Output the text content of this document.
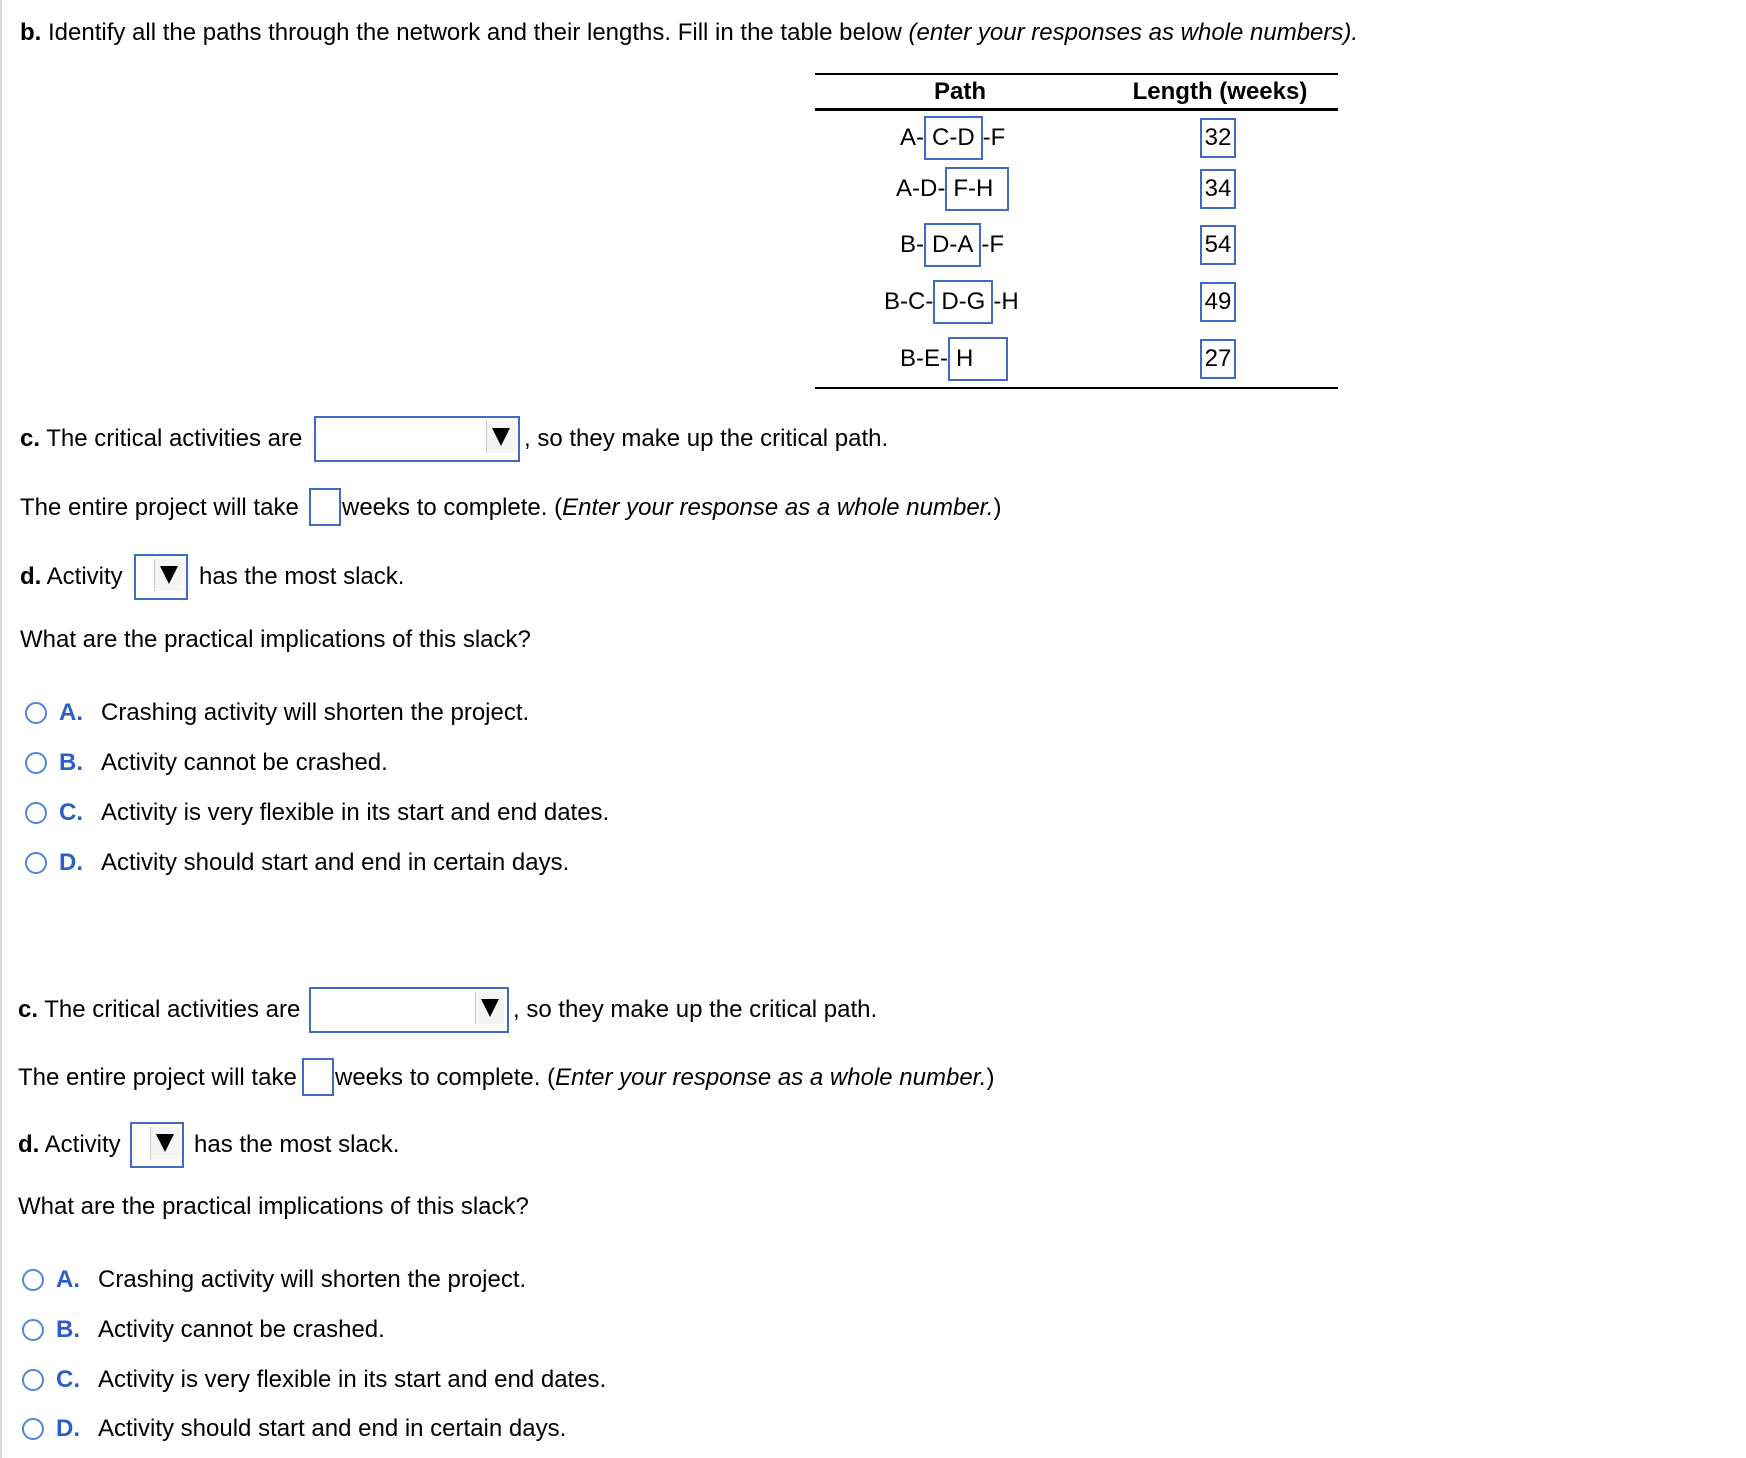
b. Identify all the paths through the network and their lengths. Fill in the table below (enter your responses as whole numbers).
Path	Length (weeks)
A- C-D -F	32
A-D- F-H	34
B- D-A -F	54
B-C- D-G -H	49
B-E- H	27
c. The critical activities are	, so they make up the critical path.
The entire project will take weeks to complete. (Enter your response as a whole number.)
d. Activity	has the most slack.
What are the practical implications of this slack?
A. Crashing activity will shorten the project.
B. Activity cannot be crashed.
C. Activity is very flexible in its start and end dates.
D. Activity should start and end in certain days.
c. The critical activities are	, so they make up the critical path.
The entire project will take weeks to complete. (Enter your response as a whole number.)
d. Activity	has the most slack.
What are the practical implications of this slack?
A. Crashing activity will shorten the project.
B. Activity cannot be crashed.
C. Activity is very flexible in its start and end dates.
D. Activity should start and end in certain days.
